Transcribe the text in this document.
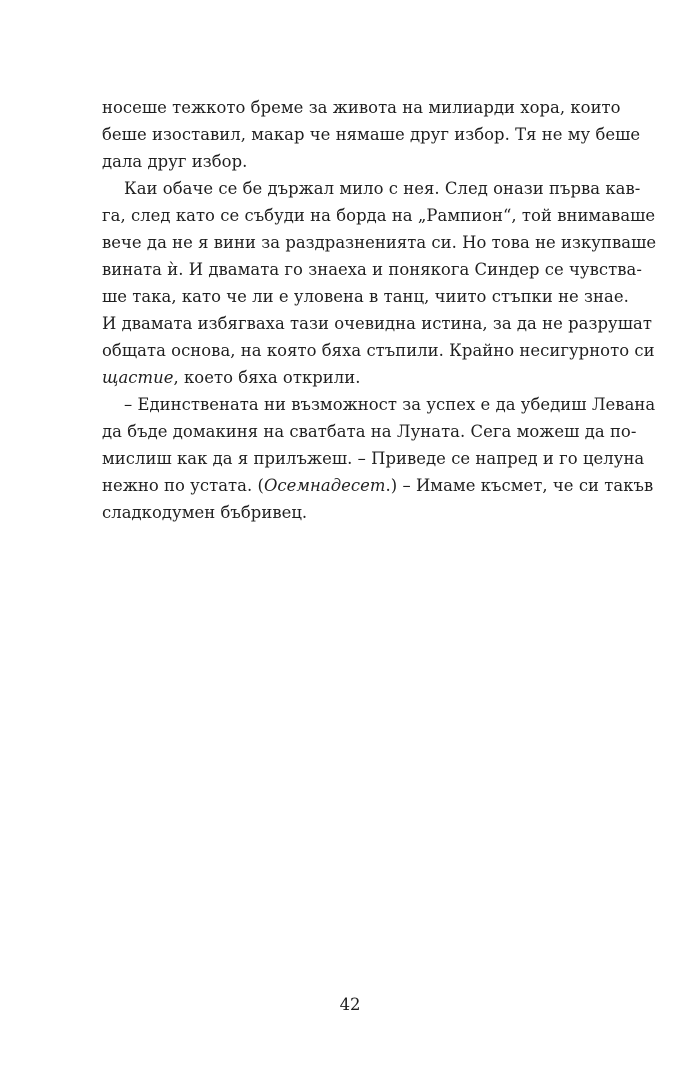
носеше тежкото бреме за живота на милиарди хора, които
беше изоставил, макар че нямаше друг избор. Тя не му беше
дала друг избор.
Каи обаче се бе държал мило с нея. След онази първа кав-
га, след като се събуди на борда на „Рампион“, той внимаваше
вече да не я вини за раздразненията си. Но това не изкупваше
вината ѝ. И двамата го знаеха и понякога Синдер се чувства-
ше така, като че ли е уловена в танц, чиито стъпки не знае.
И двамата избягваха тази очевидна истина, за да не разрушат
общата основа, на която бяха стъпили. Крайно несигурното си
щастие, което бяха открили.
– Единствената ни възможност за успех е да убедиш Левана
да бъде домакиня на сватбата на Луната. Сега можеш да по-
мислиш как да я прилъжеш. – Приведе се напред и го целуна
нежно по устата. (Осемнадесет.) – Имаме късмет, че си такъв
сладкодумен бъбривец.
42
